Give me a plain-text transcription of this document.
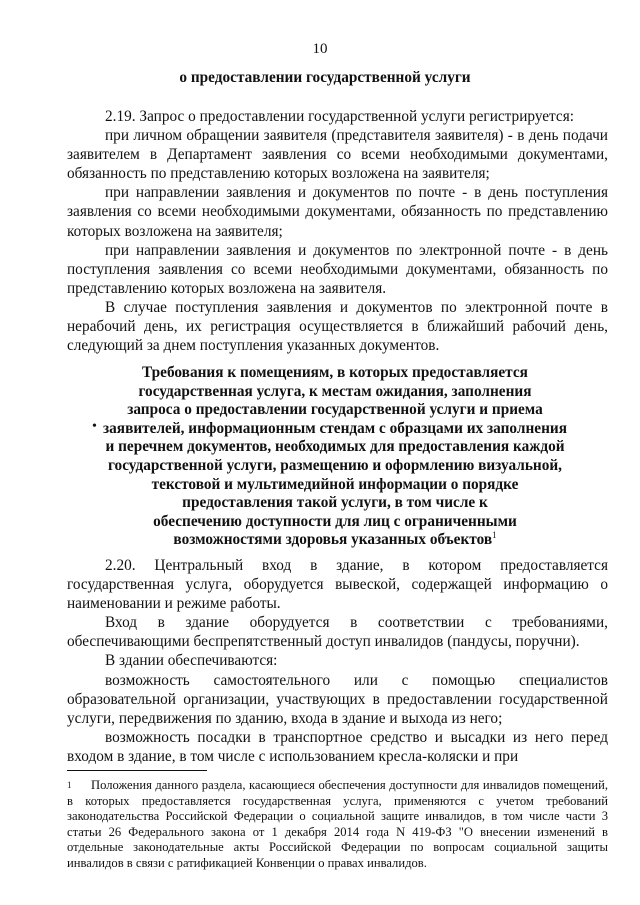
10
о предоставлении государственной услуги

2.19. Запрос о предоставлении государственной услуги регистрируется:

при личном обращении заявителя (представителя заявителя) - в день подачи заявителем в Департамент заявления со всеми необходимыми документами, обязанность по представлению которых возложена на заявителя;

при направлении заявления и документов по почте - в день поступления заявления со всеми необходимыми документами, обязанность по представлению которых возложена на заявителя;

при направлении заявления и документов по электронной почте - в день поступления заявления со всеми необходимыми документами, обязанность по представлению которых возложена на заявителя.

В случае поступления заявления и документов по электронной почте в нерабочий день, их регистрация осуществляется в ближайший рабочий день, следующий за днем поступления указанных документов.

•
Требования к помещениям, в которых предоставляется
государственная услуга, к местам ожидания, заполнения
запроса о предоставлении государственной услуги и приема
заявителей, информационным стендам с образцами их заполнения
и перечнем документов, необходимых для предоставления каждой
государственной услуги, размещению и оформлению визуальной,
текстовой и мультимедийной информации о порядке
предоставления такой услуги, в том числе к
обеспечению доступности для лиц с ограниченными
возможностями здоровья указанных объектов$^1$

2.20. Центральный вход в здание, в котором предоставляется государственная услуга, оборудуется вывеской, содержащей информацию о наименовании и режиме работы.

Вход в здание оборудуется в соответствии с требованиями, обеспечивающими беспрепятственный доступ инвалидов (пандусы, поручни).

В здании обеспечиваются:

возможность самостоятельного или с помощью специалистов образовательной организации, участвующих в предоставлении государственной услуги, передвижения по зданию, входа в здание и выхода из него;

возможность посадки в транспортное средство и высадки из него перед входом в здание, в том числе с использованием кресла-коляски и при

1 Положения данного раздела, касающиеся обеспечения доступности для инвалидов помещений, в которых предоставляется государственная услуга, применяются с учетом требований законодательства Российской Федерации о социальной защите инвалидов, в том числе части 3 статьи 26 Федерального закона от 1 декабря 2014 года N 419-ФЗ "О внесении изменений в отдельные законодательные акты Российской Федерации по вопросам социальной защиты инвалидов в связи с ратификацией Конвенции о правах инвалидов.
